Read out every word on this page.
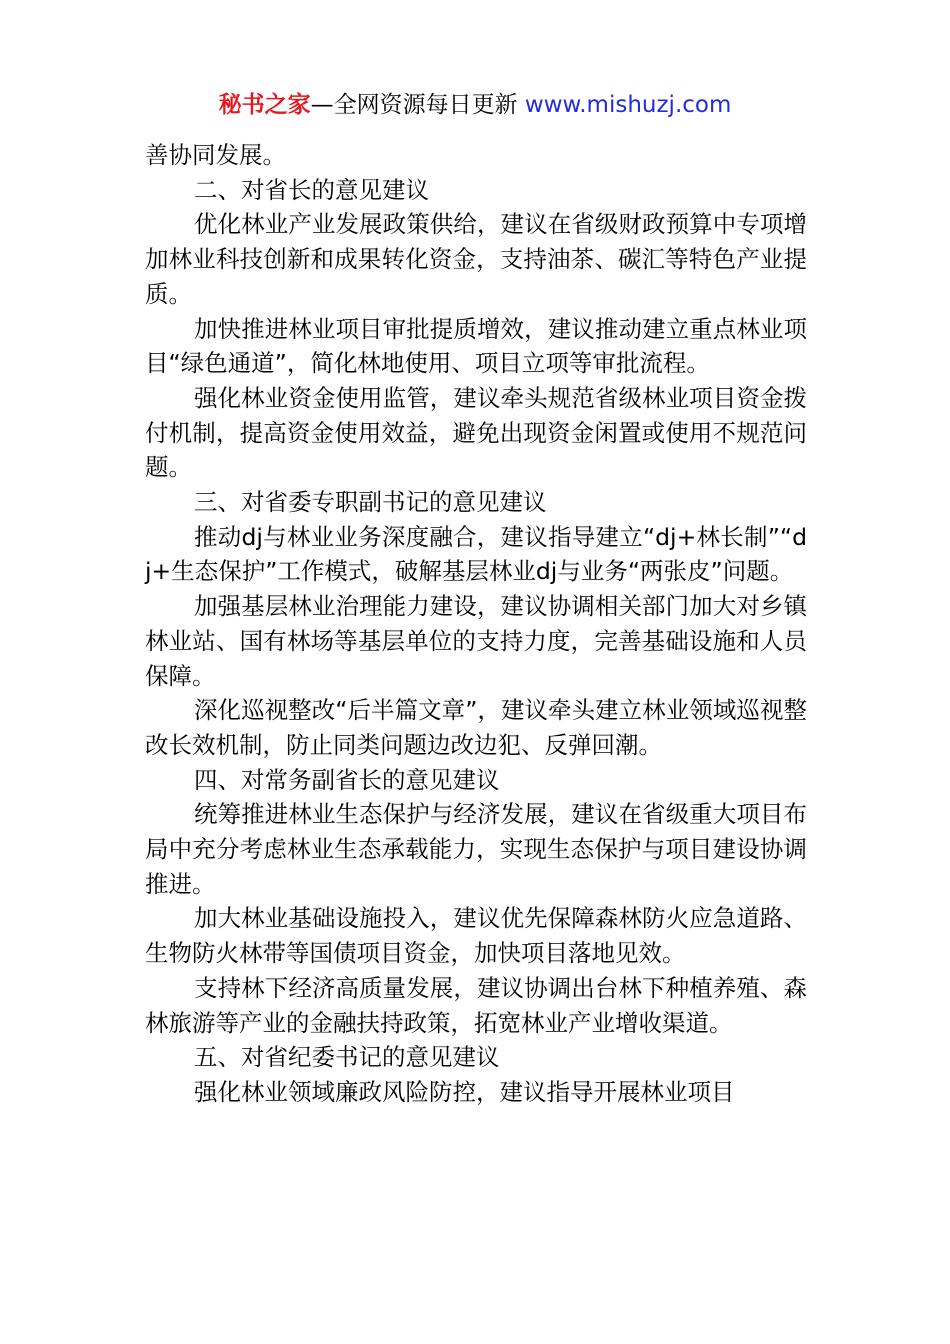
秘书之家—全网资源每日更新 www.mishuzj.com

善协同发展。

二、对省长的意见建议

优化林业产业发展政策供给，建议在省级财政预算中专项增加林业科技创新和成果转化资金，支持油茶、碳汇等特色产业提质。

加快推进林业项目审批提质增效，建议推动建立重点林业项目“绿色通道”，简化林地使用、项目立项等审批流程。

强化林业资金使用监管，建议牵头规范省级林业项目资金拨付机制，提高资金使用效益，避免出现资金闲置或使用不规范问题。

三、对省委专职副书记的意见建议

推动dj与林业业务深度融合，建议指导建立“dj+林长制”“dj+生态保护”工作模式，破解基层林业dj与业务“两张皮”问题。

加强基层林业治理能力建设，建议协调相关部门加大对乡镇林业站、国有林场等基层单位的支持力度，完善基础设施和人员保障。

深化巡视整改“后半篇文章”，建议牵头建立林业领域巡视整改长效机制，防止同类问题边改边犯、反弹回潮。

四、对常务副省长的意见建议

统筹推进林业生态保护与经济发展，建议在省级重大项目布局中充分考虑林业生态承载能力，实现生态保护与项目建设协调推进。

加大林业基础设施投入，建议优先保障森林防火应急道路、生物防火林带等国债项目资金，加快项目落地见效。

支持林下经济高质量发展，建议协调出台林下种植养殖、森林旅游等产业的金融扶持政策，拓宽林业产业增收渠道。

五、对省纪委书记的意见建议

强化林业领域廉政风险防控，建议指导开展林业项目
